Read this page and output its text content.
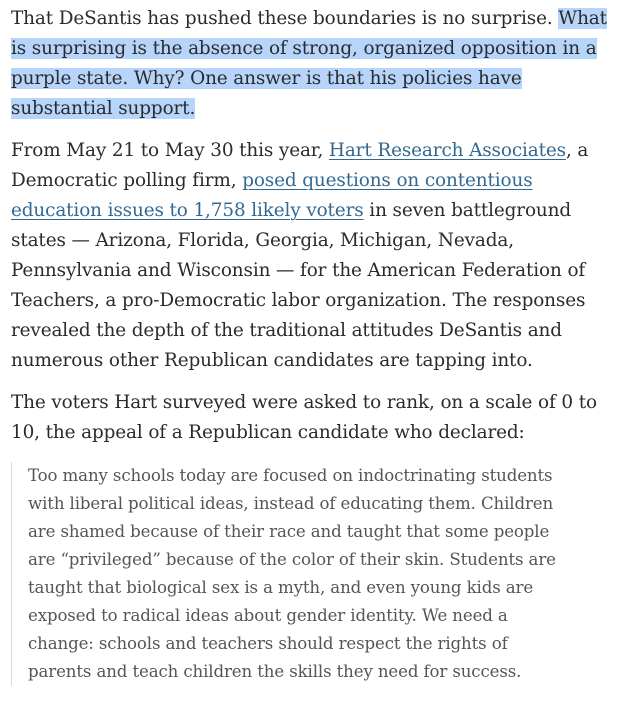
That DeSantis has pushed these boundaries is no surprise. What is surprising is the absence of strong, organized opposition in a purple state. Why? One answer is that his policies have substantial support.

From May 21 to May 30 this year, Hart Research Associates, a Democratic polling firm, posed questions on contentious education issues to 1,758 likely voters in seven battleground states — Arizona, Florida, Georgia, Michigan, Nevada, Pennsylvania and Wisconsin — for the American Federation of Teachers, a pro-Democratic labor organization. The responses revealed the depth of the traditional attitudes DeSantis and numerous other Republican candidates are tapping into.

The voters Hart surveyed were asked to rank, on a scale of 0 to 10, the appeal of a Republican candidate who declared:

Too many schools today are focused on indoctrinating students with liberal political ideas, instead of educating them. Children are shamed because of their race and taught that some people are “privileged” because of the color of their skin. Students are taught that biological sex is a myth, and even young kids are exposed to radical ideas about gender identity. We need a change: schools and teachers should respect the rights of parents and teach children the skills they need for success.
